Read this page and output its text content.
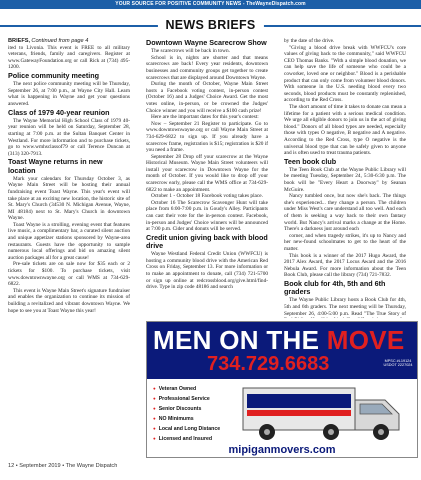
YOUR SOURCE FOR POSITIVE COMMUNITY NEWS - TheWayneDispatch.com
NEWS BRIEFS

BRIEFS, Continued from page 4
ited to Livonia. This event is FREE to all military veterans, friends, family and caregivers. Register at www.GatewayFoundation.org or call Rick at (734) 495-1200.

Police community meeting

The next police community meeting will be Thursday, September 26, at 7:00 p.m., at Wayne City Hall. Learn what is happening in Wayne and get your questions answered.

Class of 1979 40-year reunion

The Wayne Memorial High School Class of 1979 40-year reunion will be held on Saturday, September 28, starting at 7:00 p.m. at the Sultan Banquet Center in Westland. For more information and to purchase tickets, go to www.wmhsclassof79 or call Terence Duncan at (313) 320-7913.

Toast Wayne returns in new location

Mark your calendars for Thursday October 3, as Wayne Main Street will be hosting their annual fundraising event Toast Wayne. This year's event will take place at an exciting new location, the historic site of St. Mary's Church (34530 N. Michigan Avenue, Wayne, MI 48184) next to St. Mary's Church in downtown Wayne.

Toast Wayne is a strolling, evening event that features live music, a complimentary bar, a curated silent auction and unique appetizer stations sponsored by Wayne-area restaurants. Guests have the opportunity to sample numerous local offerings and bid on amazing silent auction packages all for a great cause!

Pre-sale tickets are on sale now for $35 each or 2 tickets for $100. To purchase tickets, visit www.downtownwayne.org or call WMS at 734-629-6822.

This event is Wayne Main Street's signature fundraiser and enables the organization to continue its mission of building a revitalized and vibrant downtown Wayne. We hope to see you at Toast Wayne this year!

Downtown Wayne Scarecrow Show

The scarecrows will be back in town.

School is in, nights are shorter and that means scarecrows are back! Every year residents, downtown businesses and community groups get together to create scarecrows that are displayed around Downtown Wayne.

During the month of October, Wayne Main Street hosts a Facebook voting contest, in-person contest (October 16) and a Judges' Choice Award. Get the most votes online, in-person, or be crowned the Judges' Choice winner and you will receive a $100 cash prize!

Here are the important dates for this year's contest:

Now – September 21 Register to participate. Go to www.downtownwayne.org or call Wayne Main Street at 734-629-6822 to sign up. If you already have a scarecrow frame, registration is $15; registration is $20 if you need a frame.

September 28 Drop off your scarecrow at the Wayne Historical Museum. Wayne Main Street volunteers will install your scarecrow in Downtown Wayne for the month of October. If you would like to drop off your scarecrow early, please call the WMS office at 734-629-6822 to make an appointment.

October 1 - October 18 Facebook voting takes place.

October 16 The Scarecrow Scavenger Hunt will take place from 6:00-7:00 p.m. in Goudy's Alley. Participants can cast their vote for the in-person contest. Facebook, in-person and Judges' Choice winners will be announced at 7:00 p.m. Cider and donuts will be served.

Credit union giving back with blood drive

Wayne Westland Federal Credit Union (WWFCU) is hosting a community blood drive with the American Red Cross on Friday, September 13. For more information or to make an appointment to donate, call (734) 721-5700 or sign up online at redcrossblood.org/give.html/find-drive. Type in zip code 48186 and search

by the date of the drive.

"Giving a blood drive break with WWFCU's core values of giving back to the community," said WWFCU CEO Thomas Banks. "With a simple blood donation, we can help save the life of someone who could be a coworker, loved one or neighbor." Blood is a perishable product that can only come from volunteer blood donors. With someone in the U.S. needing blood every two seconds, blood products must be constantly replenished, according to the Red Cross.

The short amount of time it takes to donate can mean a lifetime for a patient with a serious medical condition. We urge all eligible donors to join us in the act of giving blood." Donors of all blood types are needed, especially those with types O negative, B negative and A negative. According to the Red Cross, type O negative is the universal blood type that can be safely given to anyone and is often used to treat trauma patients.

Teen book club

The Teen Book Club at the Wayne Public Library will be meeting Tuesday, September 24, 5:30-6:30 p.m. The book will be "Every Heart a Doorway" by Seanan McGuire.

Nancy tumbled once, but now she's back. The things she's experienced... they change a person. The children under Miss West's care understand all too well. And each of them is seeking a way back to their own fantasy world. But Nancy's arrival marks a change at the Home. There's a darkness just around each

corner, and when tragedy strikes, it's up to Nancy and her new-found schoolmates to get to the heart of the matter.

This book is a winner of the 2017 Hugo Award, the 2017 Alex Award, the 2017 Locus Award and the 2016 Nebula Award. For more information about the Teen Book Club, please call the library (734) 721-7832.

Book club for 4th, 5th and 6th graders

The Wayne Public Library hosts a Book Club for 4th, 5th and 6th graders. The next meeting will be Thursday, September 26, 4:00-5:00 p.m. Read "The True Story of

MEN ON THE MOVE
734.729.6683	MPSC #L19124 USDOT 2227024
● Veteran Owned
● Professional Service
● Senior Discounts
● NO Minimums
● Local and Long Distance
● Licensed and Insured
mipiganmovers.com
12 • September 2019 • The Wayne Dispatch
